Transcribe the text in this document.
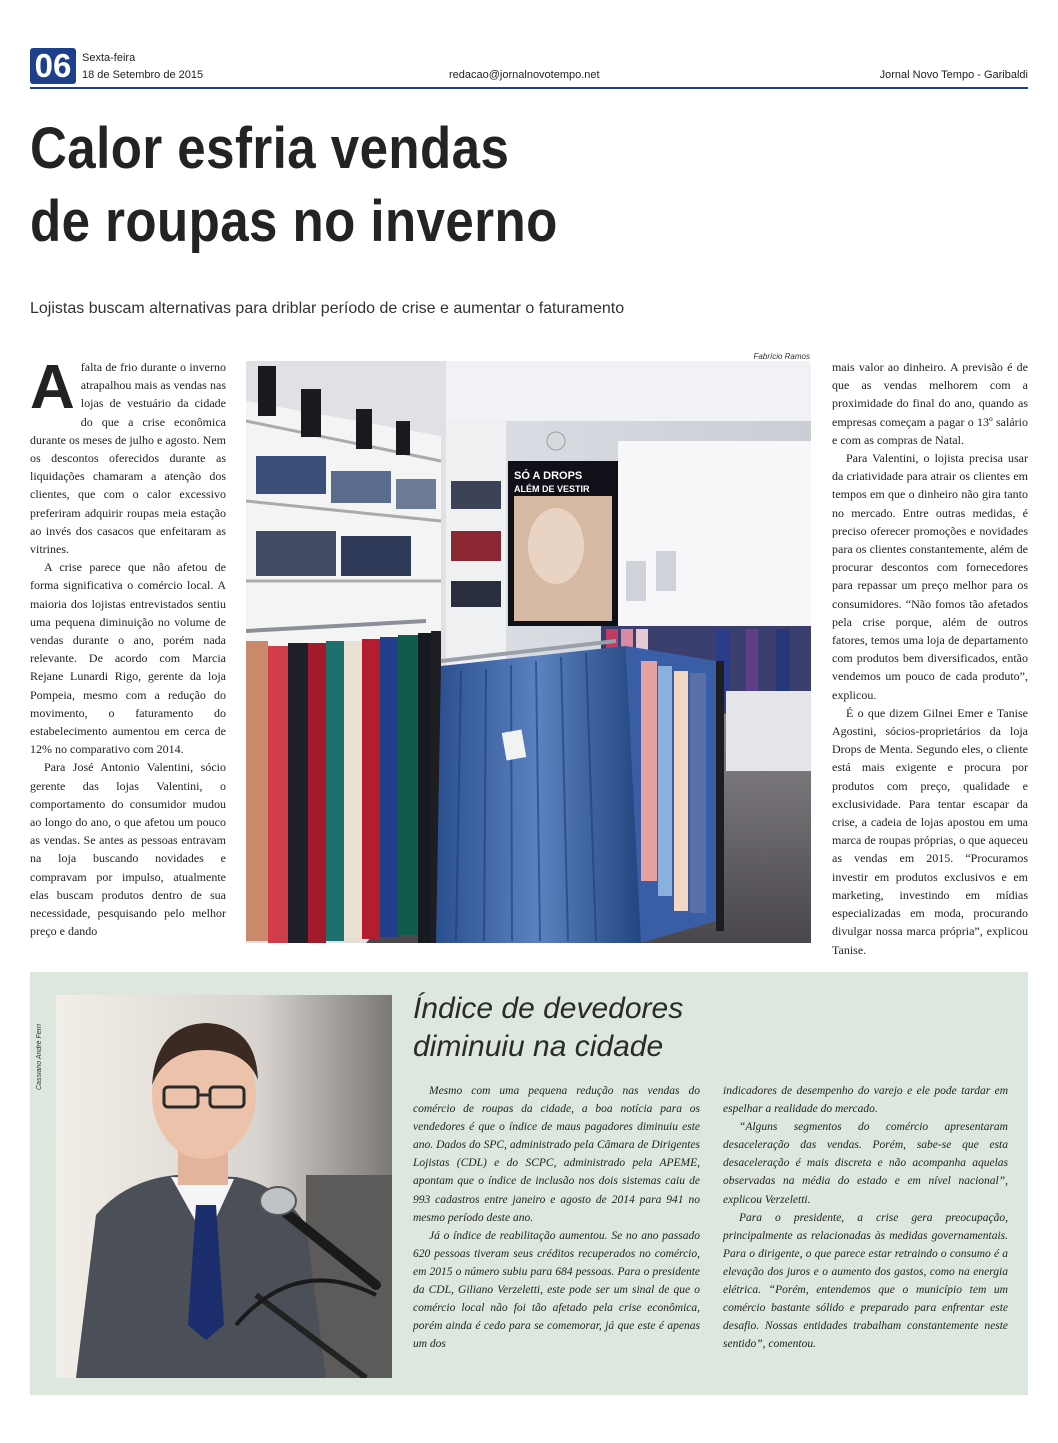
06 Sexta-feira
18 de Setembro de 2015	redacao@jornalnovotempo.net	Jornal Novo Tempo - Garibaldi
Calor esfria vendas
de roupas no inverno
Lojistas buscam alternativas para driblar período de crise e aumentar o faturamento

A falta de frio durante o inverno atrapalhou mais as vendas nas lojas de vestuário da cidade do que a crise econômica durante os meses de julho e agosto. Nem os descontos oferecidos durante as liquidações chamaram a atenção dos clientes, que com o calor excessivo preferiram adquirir roupas meia estação ao invés dos casacos que enfeitaram as vitrines.

A crise parece que não afetou de forma significativa o comércio local. A maioria dos lojistas entrevistados sentiu uma pequena diminuição no volume de vendas durante o ano, porém nada relevante. De acordo com Marcia Rejane Lunardi Rigo, gerente da loja Pompeia, mesmo com a redução do movimento, o faturamento do estabelecimento aumentou em cerca de 12% no comparativo com 2014.

Para José Antonio Valentini, sócio gerente das lojas Valentini, o comportamento do consumidor mudou ao longo do ano, o que afetou um pouco as vendas. Se antes as pessoas entravam na loja buscando novidades e compravam por impulso, atualmente elas buscam produtos dentro de sua necessidade, pesquisando pelo melhor preço e dando

Fabrício Ramos
SÓ A DROPS
ALÉM DE VESTIR

mais valor ao dinheiro. A previsão é de que as vendas melhorem com a proximidade do final do ano, quando as empresas começam a pagar o 13º salário e com as compras de Natal.

Para Valentini, o lojista precisa usar da criatividade para atrair os clientes em tempos em que o dinheiro não gira tanto no mercado. Entre outras medidas, é preciso oferecer promoções e novidades para os clientes constantemente, além de procurar descontos com fornecedores para repassar um preço melhor para os consumidores. “Não fomos tão afetados pela crise porque, além de outros fatores, temos uma loja de departamento com produtos bem diversificados, então vendemos um pouco de cada produto”, explicou.

É o que dizem Gilnei Emer e Tanise Agostini, sócios-proprietários da loja Drops de Menta. Segundo eles, o cliente está mais exigente e procura por produtos com preço, qualidade e exclusividade. Para tentar escapar da crise, a cadeia de lojas apostou em uma marca de roupas próprias, o que aqueceu as vendas em 2015. “Procuramos investir em produtos exclusivos e em marketing, investindo em mídias especializadas em moda, procurando divulgar nossa marca própria”, explicou Tanise.

Cassiano André Ferri
Índice de devedores
diminuiu na cidade

Mesmo com uma pequena redução nas vendas do comércio de roupas da cidade, a boa notícia para os vendedores é que o índice de maus pagadores diminuiu este ano. Dados do SPC, administrado pela Câmara de Dirigentes Lojistas (CDL) e do SCPC, administrado pela APEME, apontam que o índice de inclusão nos dois sistemas caiu de 993 cadastros entre janeiro e agosto de 2014 para 941 no mesmo período deste ano.

Já o índice de reabilitação aumentou. Se no ano passado 620 pessoas tiveram seus créditos recuperados no comércio, em 2015 o número subiu para 684 pessoas. Para o presidente da CDL, Giliano Verzeletti, este pode ser um sinal de que o comércio local não foi tão afetado pela crise econômica, porém ainda é cedo para se comemorar, já que este é apenas um dos

indicadores de desempenho do varejo e ele pode tardar em espelhar a realidade do mercado.

“Alguns segmentos do comércio apresentaram desaceleração das vendas. Porém, sabe-se que esta desaceleração é mais discreta e não acompanha aquelas observadas na média do estado e em nível nacional”, explicou Verzeletti.

Para o presidente, a crise gera preocupação, principalmente as relacionadas às medidas governamentais. Para o dirigente, o que parece estar retraindo o consumo é a elevação dos juros e o aumento dos gastos, como na energia elétrica. “Porém, entendemos que o município tem um comércio bastante sólido e preparado para enfrentar este desafio. Nossas entidades trabalham constantemente neste sentido”, comentou.
